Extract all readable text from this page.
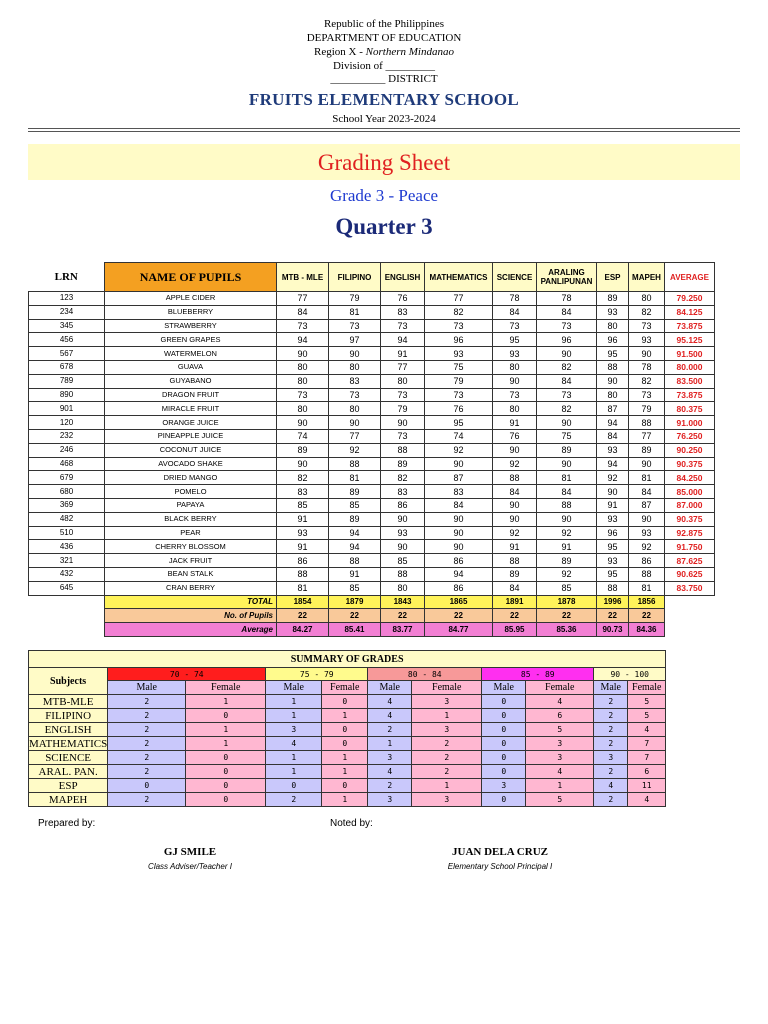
Republic of the Philippines
DEPARTMENT OF EDUCATION
Region X - Northern Mindanao
Division of _________
__________ DISTRICT
FRUITS ELEMENTARY SCHOOL
School Year 2023-2024
Grading Sheet
Grade 3 - Peace
Quarter 3
LRN	NAME OF PUPILS	MTB - MLE	FILIPINO	ENGLISH	MATHEMATICS	SCIENCE	ARALING PANLIPUNAN	ESP	MAPEH	AVERAGE
123	APPLE CIDER	77	79	76	77	78	78	89	80	79.250
234	BLUEBERRY	84	81	83	82	84	84	93	82	84.125
345	STRAWBERRY	73	73	73	73	73	73	80	73	73.875
456	GREEN GRAPES	94	97	94	96	95	96	96	93	95.125
567	WATERMELON	90	90	91	93	93	90	95	90	91.500
678	GUAVA	80	80	77	75	80	82	88	78	80.000
789	GUYABANO	80	83	80	79	90	84	90	82	83.500
890	DRAGON FRUIT	73	73	73	73	73	73	80	73	73.875
901	MIRACLE FRUIT	80	80	79	76	80	82	87	79	80.375
120	ORANGE JUICE	90	90	90	95	91	90	94	88	91.000
232	PINEAPPLE JUICE	74	77	73	74	76	75	84	77	76.250
246	COCONUT JUICE	89	92	88	92	90	89	93	89	90.250
468	AVOCADO SHAKE	90	88	89	90	92	90	94	90	90.375
679	DRIED MANGO	82	81	82	87	88	81	92	81	84.250
680	POMELO	83	89	83	83	84	84	90	84	85.000
369	PAPAYA	85	85	86	84	90	88	91	87	87.000
482	BLACK BERRY	91	89	90	90	90	90	93	90	90.375
510	PEAR	93	94	93	90	92	92	96	93	92.875
436	CHERRY BLOSSOM	91	94	90	90	91	91	95	92	91.750
321	JACK FRUIT	86	88	85	86	88	89	93	86	87.625
432	BEAN STALK	88	91	88	94	89	92	95	88	90.625
645	CRAN BERRY	81	85	80	86	84	85	88	81	83.750
	TOTAL	1854	1879	1843	1865	1891	1878	1996	1856	
	No. of Pupils	22	22	22	22	22	22	22	22	
	Average	84.27	85.41	83.77	84.77	85.95	85.36	90.73	84.36	
SUMMARY OF GRADES										
Subjects	70 - 74		75 - 79		80 - 84		85 - 89		90 - 100	
	Male	Female	Male	Female	Male	Female	Male	Female	Male	Female
MTB-MLE	2	1	1	0	4	3	0	4	2	5
FILIPINO	2	0	1	1	4	1	0	6	2	5
ENGLISH	2	1	3	0	2	3	0	5	2	4
MATHEMATICS	2	1	4	0	1	2	0	3	2	7
SCIENCE	2	0	1	1	3	2	0	3	3	7
ARAL. PAN.	2	0	1	1	4	2	0	4	2	6
ESP	0	0	0	0	2	1	3	1	4	11
MAPEH	2	0	2	1	3	3	0	5	2	4
Prepared by:	Noted by:
GJ SMILE
Class Adviser/Teacher I
JUAN DELA CRUZ
Elementary School Principal I
